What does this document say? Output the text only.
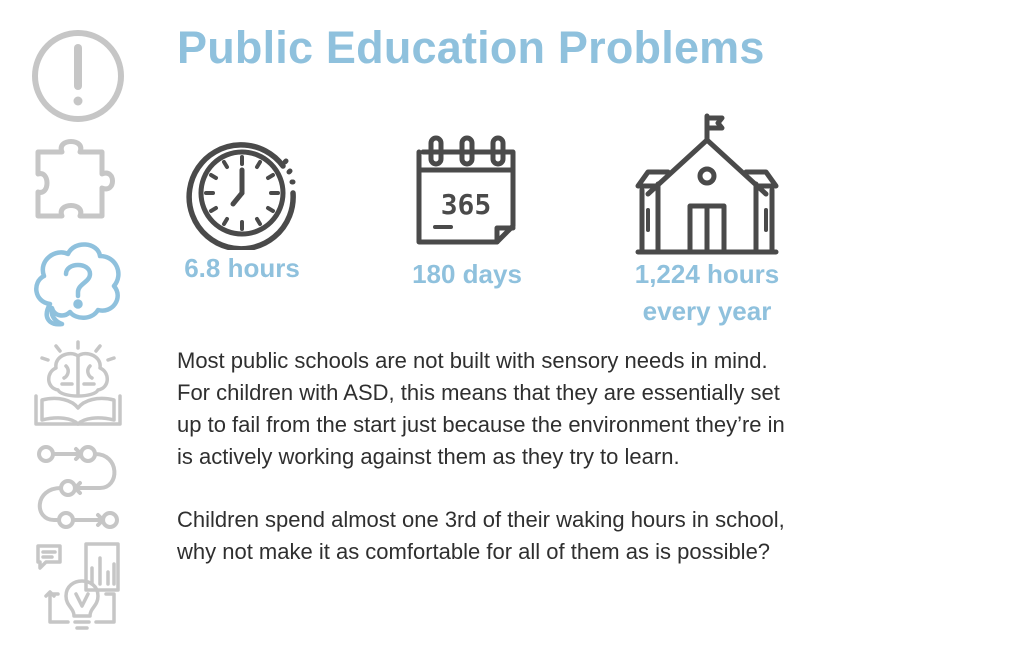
Public Education Problems
6.8 hours
365
180 days	1,224 hours
every year

Most public schools are not built with sensory needs in mind.   For children with ASD, this means that they are essentially set up to fail from the start just because the environment they’re in is actively working against them as they try to learn.

Children spend almost one 3rd of their waking hours in school, why not make it as comfortable for all of them as is possible?
